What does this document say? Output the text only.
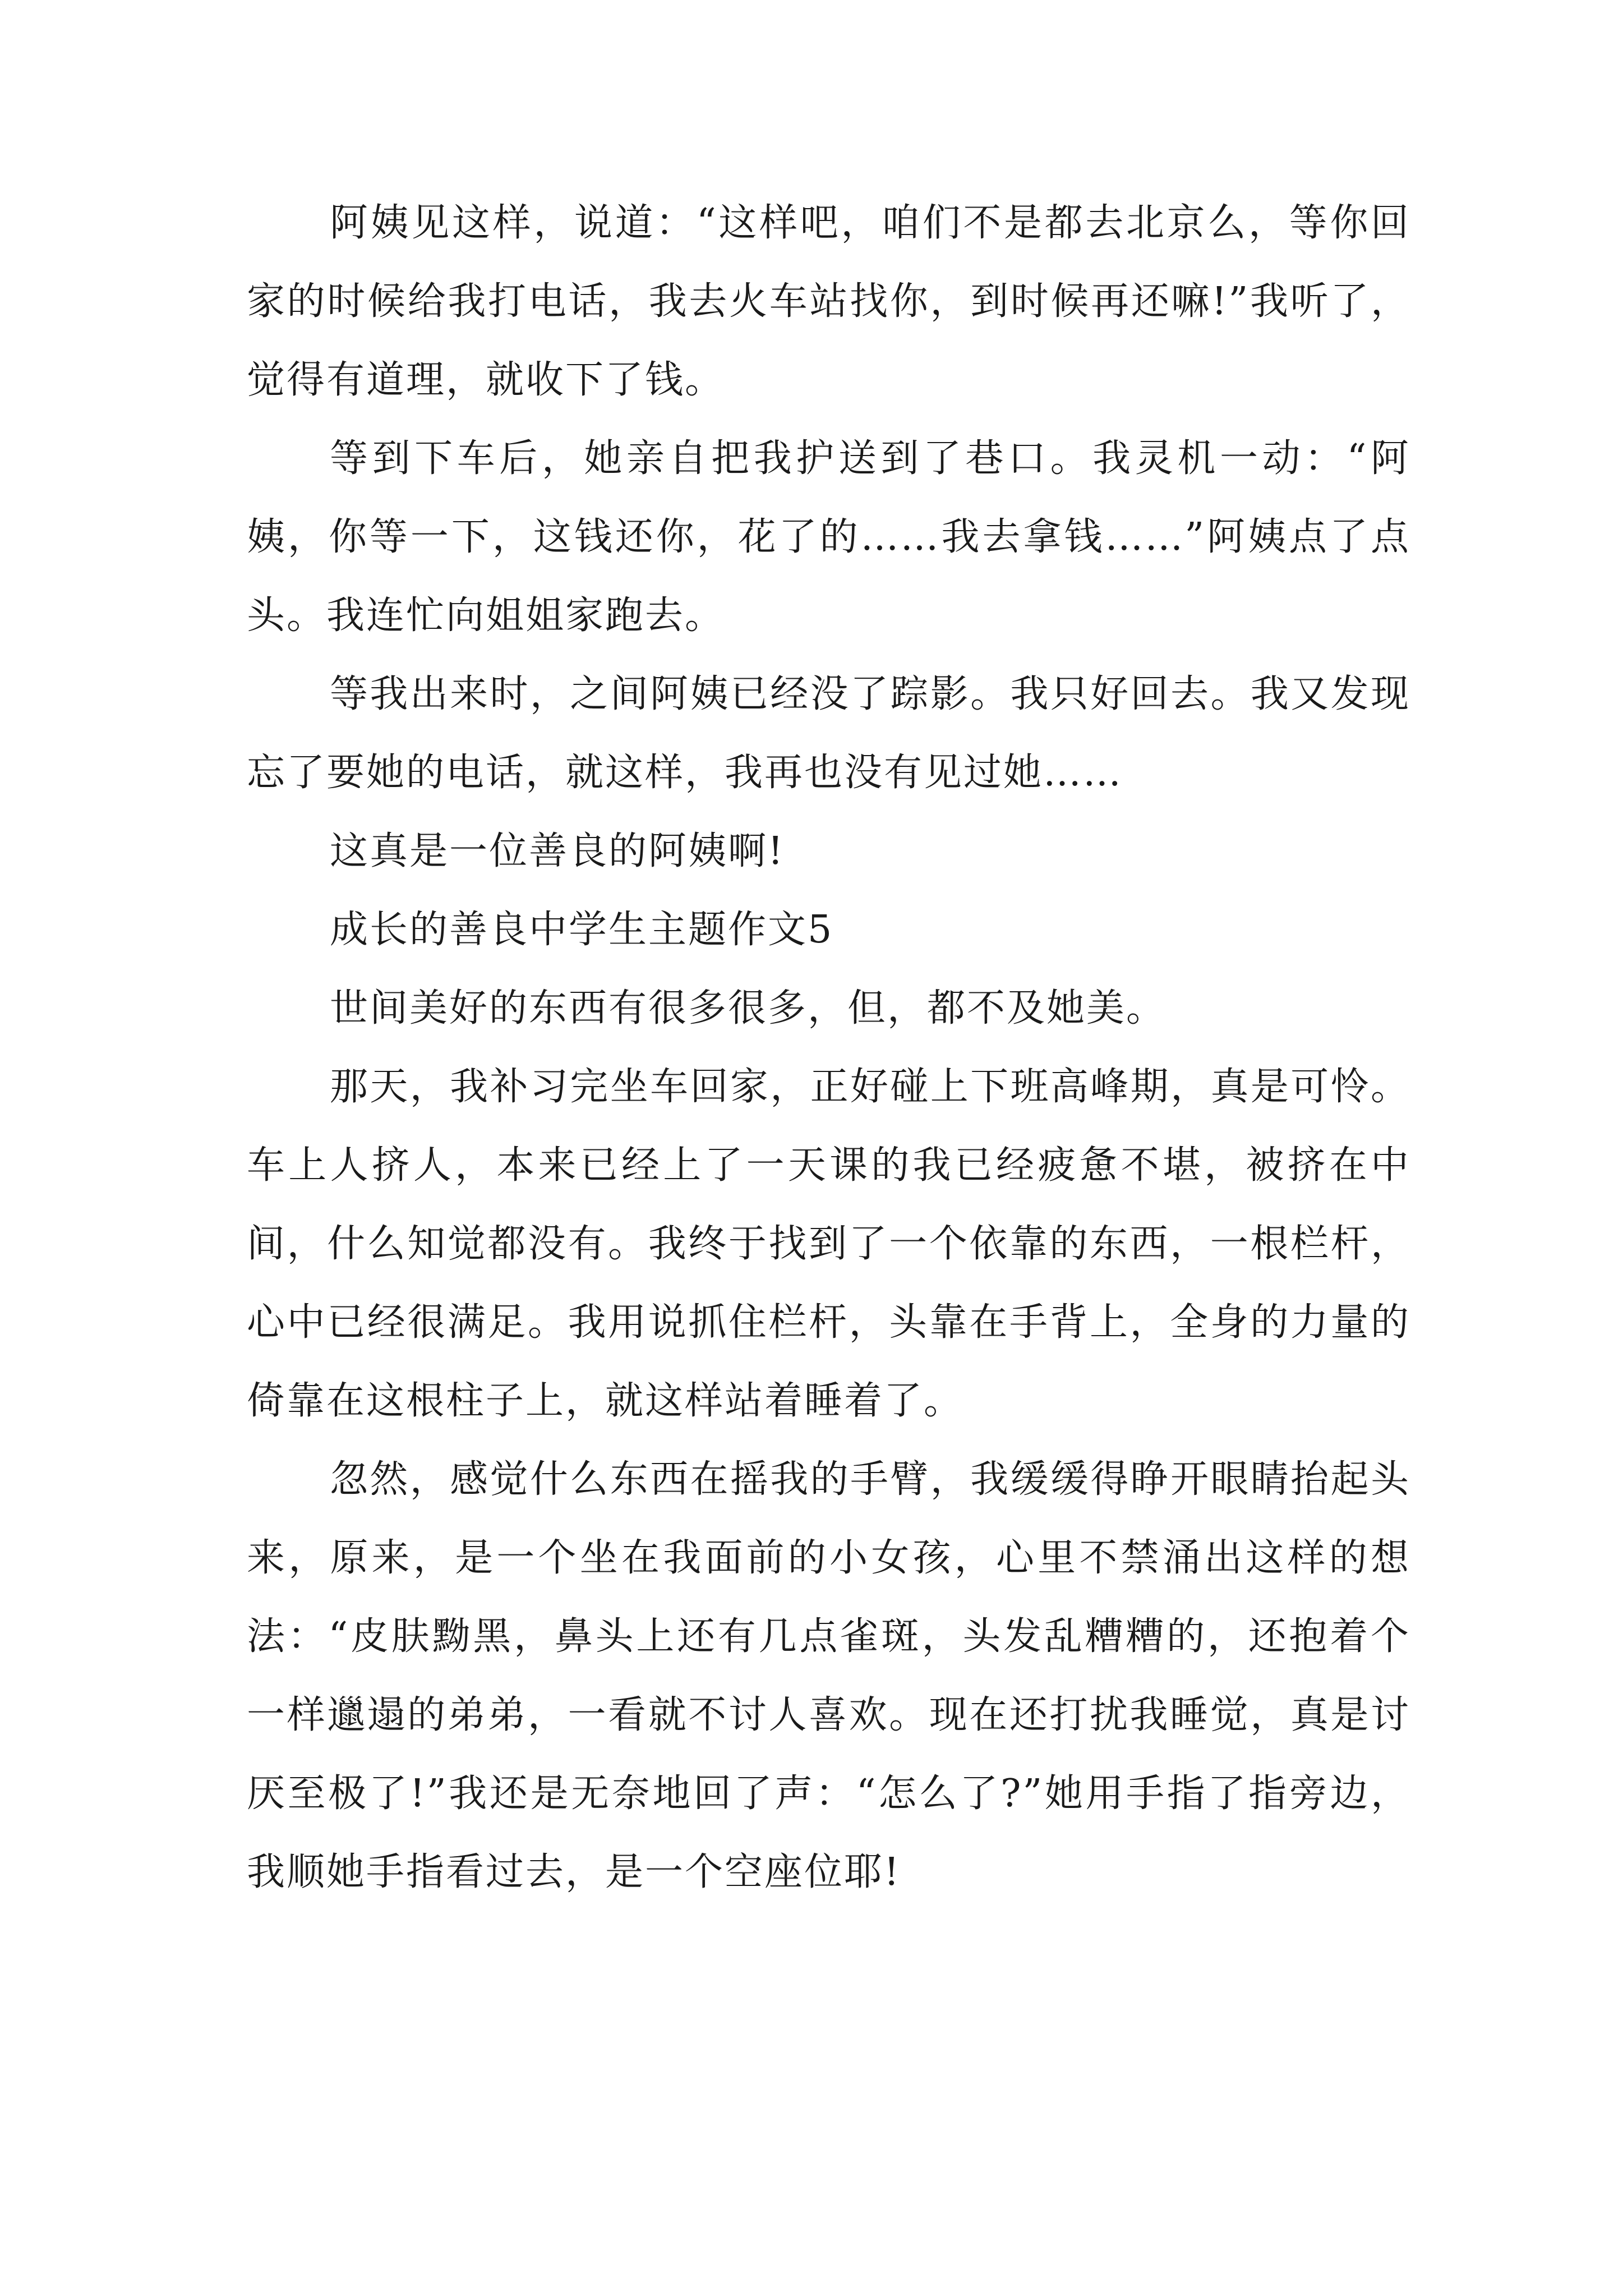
阿姨见这样，说道：“这样吧，咱们不是都去北京么，等你回家的时候给我打电话，我去火车站找你，到时候再还嘛!”我听了，觉得有道理，就收下了钱。

等到下车后，她亲自把我护送到了巷口。我灵机一动：“阿姨，你等一下，这钱还你，花了的……我去拿钱……”阿姨点了点头。我连忙向姐姐家跑去。

等我出来时，之间阿姨已经没了踪影。我只好回去。我又发现忘了要她的电话，就这样，我再也没有见过她……

这真是一位善良的阿姨啊!

成长的善良中学生主题作文5

世间美好的东西有很多很多，但，都不及她美。

那天，我补习完坐车回家，正好碰上下班高峰期，真是可怜。车上人挤人，本来已经上了一天课的我已经疲惫不堪，被挤在中间，什么知觉都没有。我终于找到了一个依靠的东西，一根栏杆，心中已经很满足。我用说抓住栏杆，头靠在手背上，全身的力量的倚靠在这根柱子上，就这样站着睡着了。

忽然，感觉什么东西在摇我的手臂，我缓缓得睁开眼睛抬起头来，原来，是一个坐在我面前的小女孩，心里不禁涌出这样的想法：“皮肤黝黑，鼻头上还有几点雀斑，头发乱糟糟的，还抱着个一样邋遢的弟弟，一看就不讨人喜欢。现在还打扰我睡觉，真是讨厌至极了!”我还是无奈地回了声：“怎么了?”她用手指了指旁边，我顺她手指看过去，是一个空座位耶!
